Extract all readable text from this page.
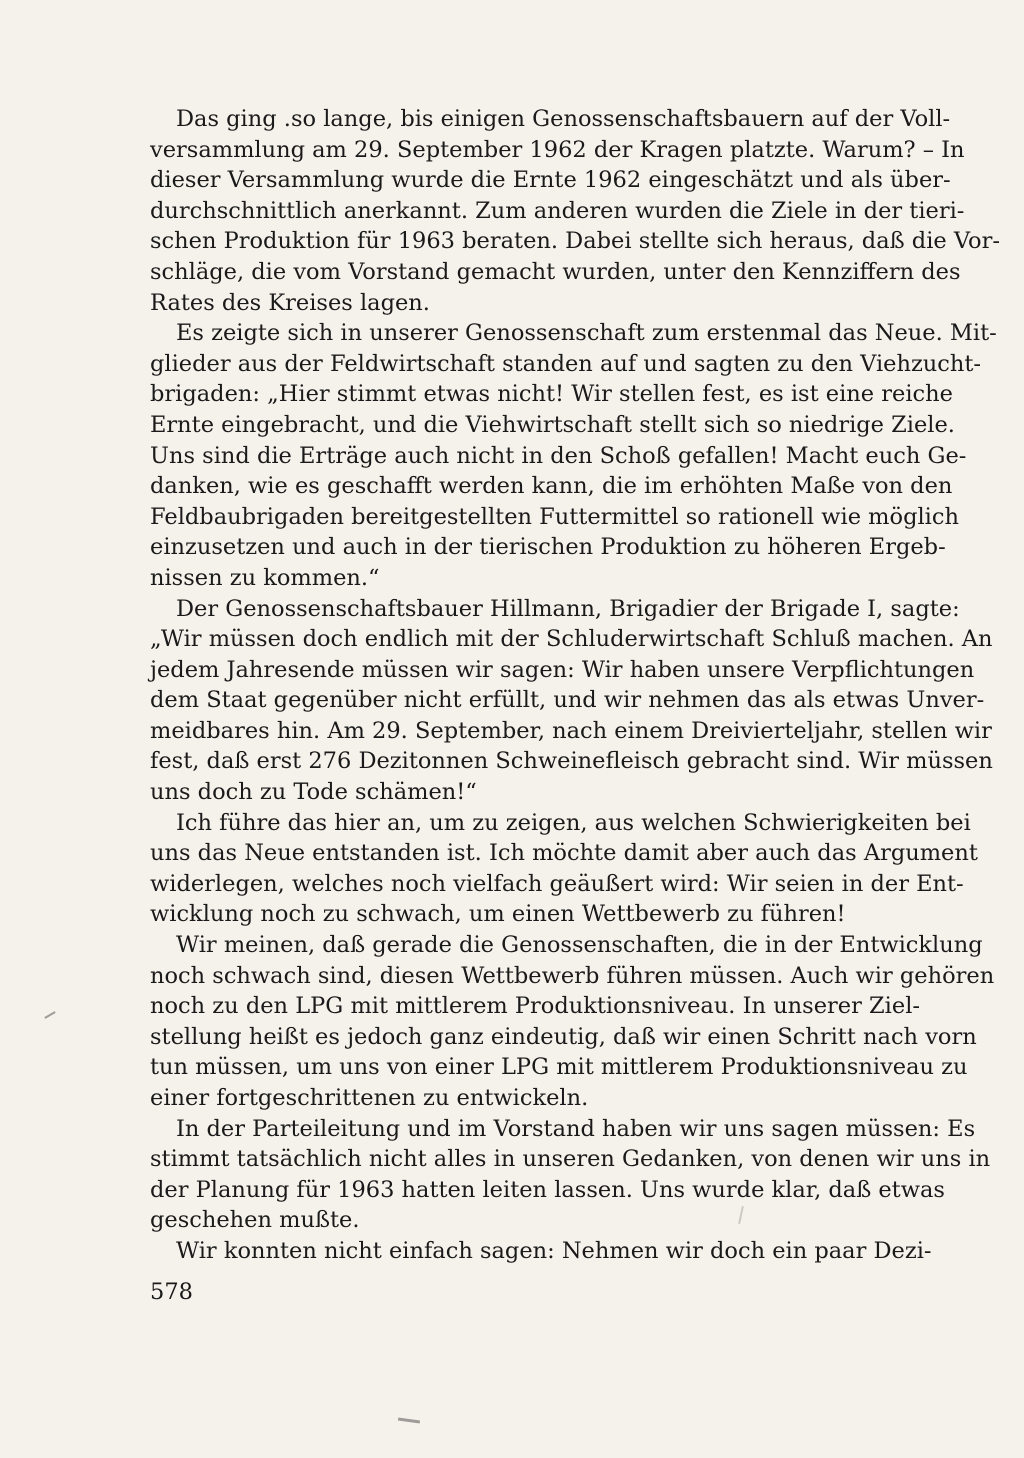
Das ging .so lange, bis einigen Genossenschaftsbauern auf der Voll-
versammlung am 29. September 1962 der Kragen platzte. Warum? – In
dieser Versammlung wurde die Ernte 1962 eingeschätzt und als über-
durchschnittlich anerkannt. Zum anderen wurden die Ziele in der tieri-
schen Produktion für 1963 beraten. Dabei stellte sich heraus, daß die Vor-
schläge, die vom Vorstand gemacht wurden, unter den Kennziffern des
Rates des Kreises lagen.
Es zeigte sich in unserer Genossenschaft zum erstenmal das Neue. Mit-
glieder aus der Feldwirtschaft standen auf und sagten zu den Viehzucht-
brigaden: „Hier stimmt etwas nicht! Wir stellen fest, es ist eine reiche
Ernte eingebracht, und die Viehwirtschaft stellt sich so niedrige Ziele.
Uns sind die Erträge auch nicht in den Schoß gefallen! Macht euch Ge-
danken, wie es geschafft werden kann, die im erhöhten Maße von den
Feldbaubrigaden bereitgestellten Futtermittel so rationell wie möglich
einzusetzen und auch in der tierischen Produktion zu höheren Ergeb-
nissen zu kommen.“
Der Genossenschaftsbauer Hillmann, Brigadier der Brigade I, sagte:
„Wir müssen doch endlich mit der Schluderwirtschaft Schluß machen. An
jedem Jahresende müssen wir sagen: Wir haben unsere Verpflichtungen
dem Staat gegenüber nicht erfüllt, und wir nehmen das als etwas Unver-
meidbares hin. Am 29. September, nach einem Dreivierteljahr, stellen wir
fest, daß erst 276 Dezitonnen Schweinefleisch gebracht sind. Wir müssen
uns doch zu Tode schämen!“
Ich führe das hier an, um zu zeigen, aus welchen Schwierigkeiten bei
uns das Neue entstanden ist. Ich möchte damit aber auch das Argument
widerlegen, welches noch vielfach geäußert wird: Wir seien in der Ent-
wicklung noch zu schwach, um einen Wettbewerb zu führen!
Wir meinen, daß gerade die Genossenschaften, die in der Entwicklung
noch schwach sind, diesen Wettbewerb führen müssen. Auch wir gehören
noch zu den LPG mit mittlerem Produktionsniveau. In unserer Ziel-
stellung heißt es jedoch ganz eindeutig, daß wir einen Schritt nach vorn
tun müssen, um uns von einer LPG mit mittlerem Produktionsniveau zu
einer fortgeschrittenen zu entwickeln.
In der Parteileitung und im Vorstand haben wir uns sagen müssen: Es
stimmt tatsächlich nicht alles in unseren Gedanken, von denen wir uns in
der Planung für 1963 hatten leiten lassen. Uns wurde klar, daß etwas
geschehen mußte.
Wir konnten nicht einfach sagen: Nehmen wir doch ein paar Dezi-
578
